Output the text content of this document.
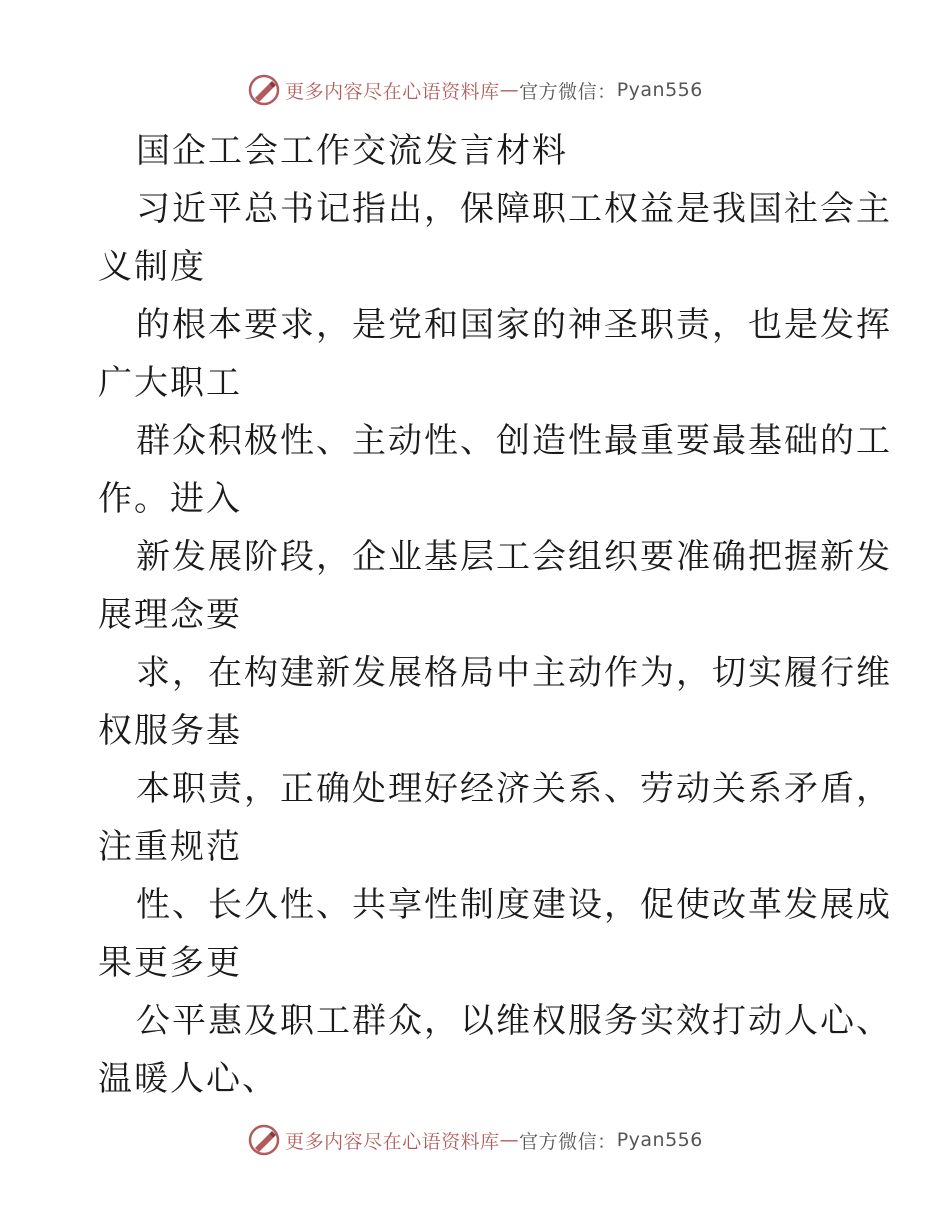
更多内容尽在心语资料库 — 官方微信： Pyan556
国企工会工作交流发言材料
习近平总书记指出，保障职工权益是我国社会主
义制度
的根本要求，是党和国家的神圣职责，也是发挥
广大职工
群众积极性、主动性、创造性最重要最基础的工
作。进入
新发展阶段，企业基层工会组织要准确把握新发
展理念要
求，在构建新发展格局中主动作为，切实履行维
权服务基
本职责，正确处理好经济关系、劳动关系矛盾，
注重规范
性、长久性、共享性制度建设，促使改革发展成
果更多更
公平惠及职工群众，以维权服务实效打动人心、
温暖人心、
更多内容尽在心语资料库 — 官方微信： Pyan556
